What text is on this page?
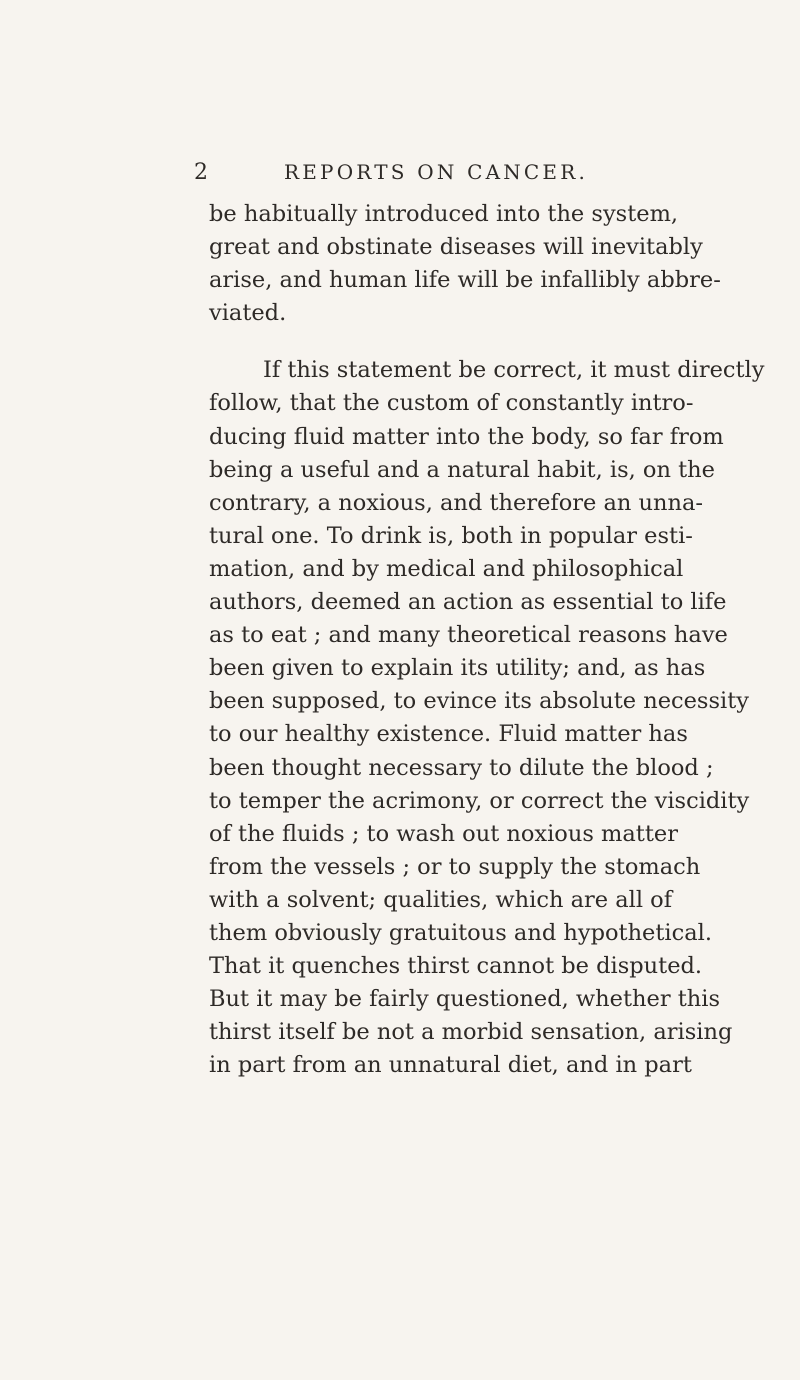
2	REPORTS ON CANCER.
be habitually introduced into the system,
great and obstinate diseases will inevitably
arise, and human life will be infallibly abbre-
viated.
If this statement be correct, it must directly
follow, that the custom of constantly intro-
ducing fluid matter into the body, so far from
being a useful and a natural habit, is, on the
contrary, a noxious, and therefore an unna-
tural one. To drink is, both in popular esti-
mation, and by medical and philosophical
authors, deemed an action as essential to life
as to eat ; and many theoretical reasons have
been given to explain its utility; and, as has
been supposed, to evince its absolute necessity
to our healthy existence. Fluid matter has
been thought necessary to dilute the blood ;
to temper the acrimony, or correct the viscidity
of the fluids ; to wash out noxious matter
from the vessels ; or to supply the stomach
with a solvent; qualities, which are all of
them obviously gratuitous and hypothetical.
That it quenches thirst cannot be disputed.
But it may be fairly questioned, whether this
thirst itself be not a morbid sensation, arising
in part from an unnatural diet, and in part
